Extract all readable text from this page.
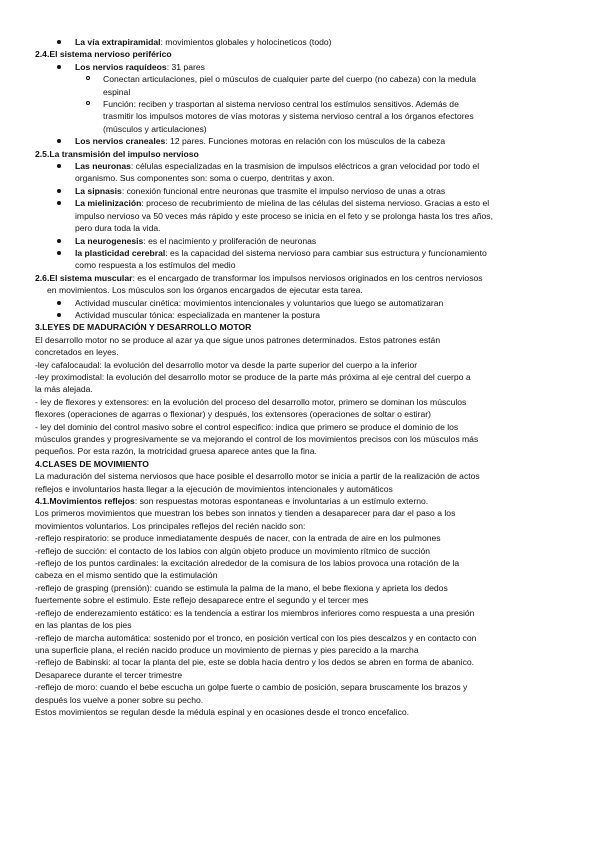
La vía extrapiramidal: movimientos globales y holocineticos (todo)
2.4.El sistema nervioso periférico
Los nervios raquídeos: 31 pares
Conectan articulaciones, piel o músculos de cualquier parte del cuerpo (no cabeza) con la medula
espinal
Función: reciben y trasportan al sistema nervioso central los estímulos sensitivos. Además de
trasmitir los impulsos motores de vías motoras y sistema nervioso central a los órganos efectores
(músculos y articulaciones)
Los nervios craneales: 12 pares. Funciones motoras en relación con los músculos de la cabeza
2.5.La transmisión del impulso nervioso
Las neuronas: células especializadas en la trasmision de impulsos eléctricos a gran velocidad por todo el
organismo. Sus componentes son: soma o cuerpo, dentritas y axon.
La sipnasis: conexión funcional entre neuronas que trasmite el impulso nervioso de unas a otras
La mielinización: proceso de recubrimiento de mielina de las células del sistema nervioso. Gracias a esto el
impulso nervioso va 50 veces más rápido y este proceso se inicia en el feto y se prolonga hasta los tres años,
pero dura toda la vida.
La neurogenesis: es el nacimiento y proliferación de neuronas
la plasticidad cerebral: es la capacidad del sistema nervioso para cambiar sus estructura y funcionamiento
como respuesta a los estímulos del medio
2.6.El sistema muscular: es el encargado de transformar los impulsos nerviosos originados en los centros nerviosos
en movimientos. Los músculos son los órganos encargados de ejecutar esta tarea.
Actividad muscular cinética: movimientos intencionales y voluntarios que luego se automatizaran
Actividad muscular tónica: especializada en mantener la postura
3.LEYES DE MADURACIÓN Y DESARROLLO MOTOR
El desarrollo motor no se produce al azar ya que sigue unos patrones determinados. Estos patrones están
concretados en leyes.
-ley cafalocaudal: la evolución del desarrollo motor va desde la parte superior del cuerpo a la inferior
-ley proximodistal: la evolución del desarrollo motor se produce de la parte más próxima al eje central del cuerpo a
la más alejada.
- ley de flexores y extensores: en la evolución del proceso del desarrollo motor, primero se dominan los músculos
flexores (operaciones de agarras o flexionar) y después, los extensores (operaciones de soltar o estirar)
- ley del dominio del control masivo sobre el control especifico: indica que primero se produce el dominio de los
músculos grandes y progresivamente se va mejorando el control de los movimientos precisos con los músculos más
pequeños. Por esta razón, la motricidad gruesa aparece antes que la fina.
4.CLASES DE MOVIMIENTO
La maduración del sistema nerviosos que hace posible el desarrollo motor se inicia a partir de la realización de actos
reflejos e involuntarios hasta llegar a la ejecución de movimientos intencionales y automáticos
4.1.Movimientos reflejos: son respuestas motoras espontaneas e involuntarias a un estímulo externo.
Los primeros movimientos que muestran los bebes son innatos y tienden a desaparecer para dar el paso a los
movimientos voluntarios. Los principales reflejos del recién nacido son:
-reflejo respiratorio: se produce inmediatamente después de nacer, con la entrada de aire en los pulmones
-reflejo de succión: el contacto de los labios con algún objeto produce un movimiento rítmico de succión
-reflejo de los puntos cardinales: la excitación alrededor de la comisura de los labios provoca una rotación de la
cabeza en el mismo sentido que la estimulación
-reflejo de grasping (prensión): cuando se estimula la palma de la mano, el bebe flexiona y aprieta los dedos
fuertemente sobre el estimulo. Este reflejo desaparece entre el segundo y el tercer mes
-reflejo de enderezamiento estático: es la tendencia a estirar los miembros inferiores como respuesta a una presión
en las plantas de los pies
-reflejo de marcha automática: sostenido por el tronco, en posición vertical con los pies descalzos y en contacto con
una superficie plana, el recién nacido produce un movimiento de piernas y pies parecido a la marcha
-reflejo de Babinski: al tocar la planta del pie, este se dobla hacia dentro y los dedos se abren en forma de abanico.
Desaparece durante el tercer trimestre
-reflejo de moro: cuando el bebe escucha un golpe fuerte o cambio de posición, separa bruscamente los brazos y
después los vuelve a poner sobre su pecho.
Estos movimientos se regulan desde la médula espinal y en ocasiones desde el tronco encefalico.
